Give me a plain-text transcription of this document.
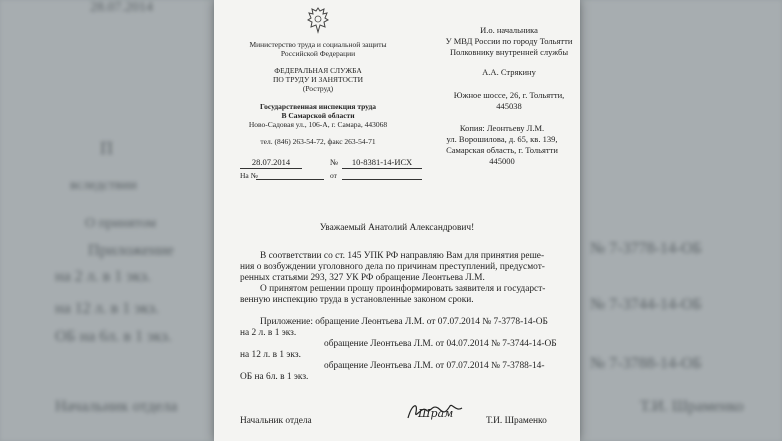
28.07.2014
П
вследствии
О принятом
Приложение
на 2 л. в 1 экз.
на 12 л. в 1 экз.
ОБ на 6л. в 1 экз.
Начальник отдела
№ 7-3778-14-ОБ
№ 7-3744-14-ОБ
№ 7-3788-14-ОБ
Т.И. Шраменко
Министерство труда и социальной защиты
Российской Федерации
ФЕДЕРАЛЬНАЯ СЛУЖБА
ПО ТРУДУ И ЗАНЯТОСТИ
(Роструд)
Государственная инспекция труда
В Самарской области
Ново-Садовая ул., 106-А, г. Самара, 443068
тел. (846) 263-54-72, факс 263-54-71
28.07.2014	№	10-8381-14-ИСХ
На №	от
И.о. начальника
У МВД России по городу Тольятти
Полковнику внутренней службы
А.А. Стрякину
Южное шоссе, 26, г. Тольятти,
445038
Копия: Леонтьеву Л.М.
ул. Ворошилова, д. 65, кв. 139,
Самарская область, г. Тольятти
445000
Уважаемый Анатолий Александрович!
В соответствии со ст. 145 УПК РФ направляю Вам для принятия реше-
ния о возбуждении уголовного дела по причинам преступлений, предусмот-
ренных статьями 293, 327 УК РФ обращение Леонтьева Л.М.
О принятом решении прошу проинформировать заявителя и государст-
венную инспекцию труда в установленные законом сроки.
Приложение: обращение Леонтьева Л.М. от 07.07.2014 № 7-3778-14-ОБ
на 2 л. в 1 экз.
обращение Леонтьева Л.М. от 04.07.2014 № 7-3744-14-ОБ
на 12 л. в 1 экз.
обращение Леонтьева Л.М. от 07.07.2014 № 7-3788-14-
ОБ на 6л. в 1 экз.
Начальник отдела
Шрам
Т.И. Шраменко
